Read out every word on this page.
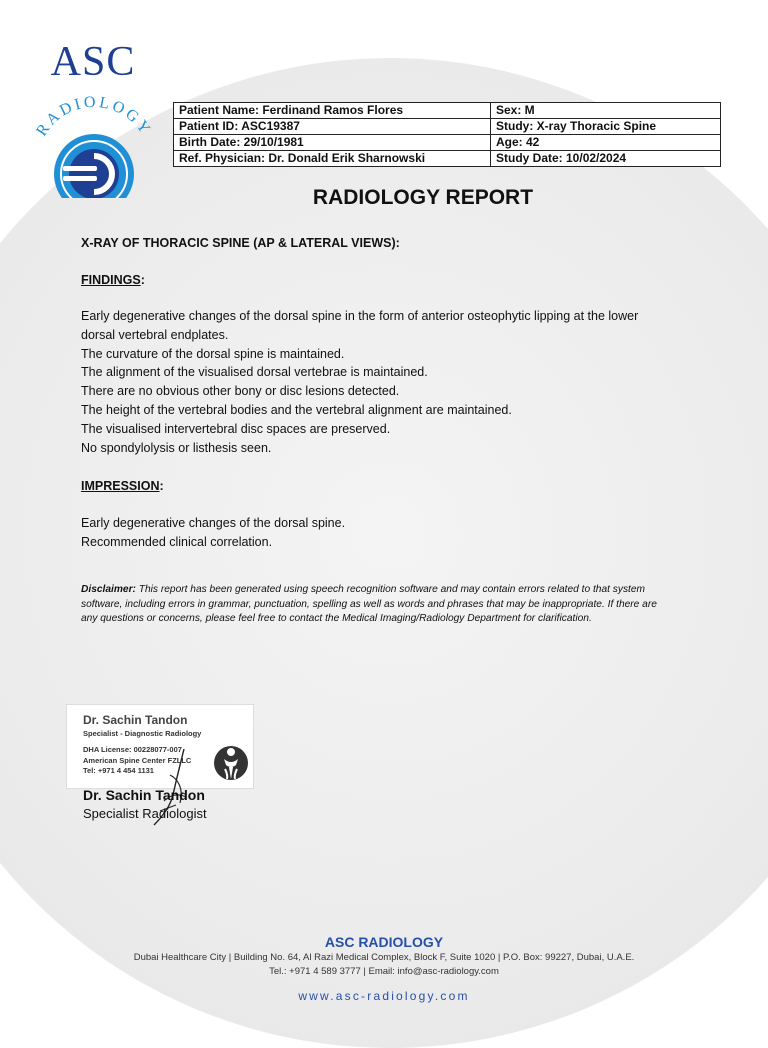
ASC
RADIOLOGY
Patient Name: Ferdinand Ramos Flores	Sex: M
Patient ID: ASC19387	Study: X-ray Thoracic Spine
Birth Date: 29/10/1981	Age: 42
Ref. Physician: Dr. Donald Erik Sharnowski	Study Date: 10/02/2024
RADIOLOGY REPORT
X-RAY OF THORACIC SPINE (AP & LATERAL VIEWS):
FINDINGS:
Early degenerative changes of the dorsal spine in the form of anterior osteophytic lipping at the lower dorsal vertebral endplates.
The curvature of the dorsal spine is maintained.
The alignment of the visualised dorsal vertebrae is maintained.
There are no obvious other bony or disc lesions detected.
The height of the vertebral bodies and the vertebral alignment are maintained.
The visualised intervertebral disc spaces are preserved.
No spondylolysis or listhesis seen.
IMPRESSION:
Early degenerative changes of the dorsal spine.
Recommended clinical correlation.
Disclaimer: This report has been generated using speech recognition software and may contain errors related to that system software, including errors in grammar, punctuation, spelling as well as words and phrases that may be inappropriate. If there are any questions or concerns, please feel free to contact the Medical Imaging/Radiology Department for clarification.
Dr. Sachin Tandon
Specialist - Diagnostic Radiology
DHA License: 00228077-007
American Spine Center FZLLC
Tel: +971 4 454 1131
Dr. Sachin Tandon
Specialist Radiologist
ASC RADIOLOGY
Dubai Healthcare City | Building No. 64, Al Razi Medical Complex, Block F, Suite 1020 | P.O. Box: 99227, Dubai, U.A.E.
Tel.: +971 4 589 3777 | Email: info@asc-radiology.com
www.asc-radiology.com
